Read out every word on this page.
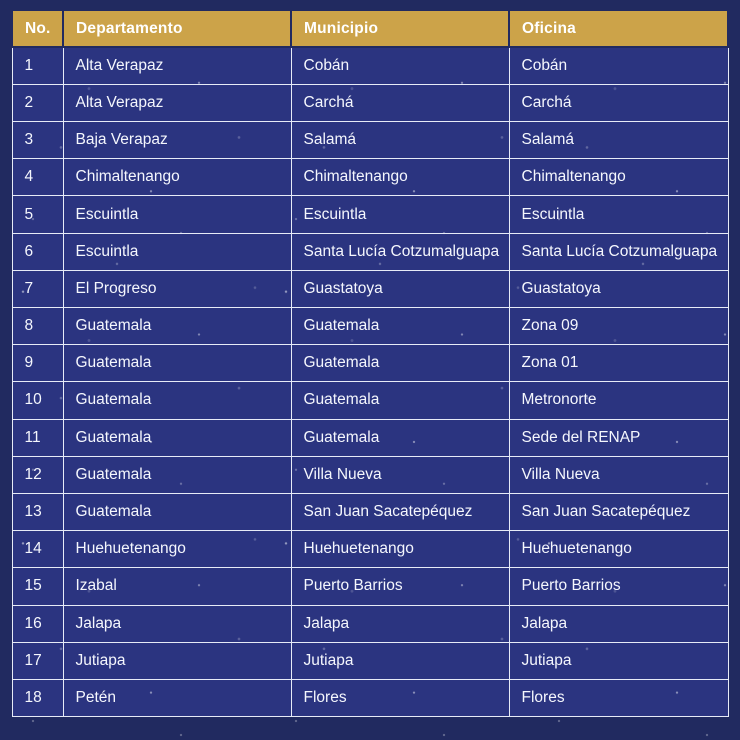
No.	Departamento	Municipio	Oficina
1	Alta Verapaz	Cobán	Cobán
2	Alta Verapaz	Carchá	Carchá
3	Baja Verapaz	Salamá	Salamá
4	Chimaltenango	Chimaltenango	Chimaltenango
5	Escuintla	Escuintla	Escuintla
6	Escuintla	Santa Lucía Cotzumalguapa	Santa Lucía Cotzumalguapa
7	El Progreso	Guastatoya	Guastatoya
8	Guatemala	Guatemala	Zona 09
9	Guatemala	Guatemala	Zona 01
10	Guatemala	Guatemala	Metronorte
11	Guatemala	Guatemala	Sede del RENAP
12	Guatemala	Villa Nueva	Villa Nueva
13	Guatemala	San Juan Sacatepéquez	San Juan Sacatepéquez
14	Huehuetenango	Huehuetenango	Huehuetenango
15	Izabal	Puerto Barrios	Puerto Barrios
16	Jalapa	Jalapa	Jalapa
17	Jutiapa	Jutiapa	Jutiapa
18	Petén	Flores	Flores
